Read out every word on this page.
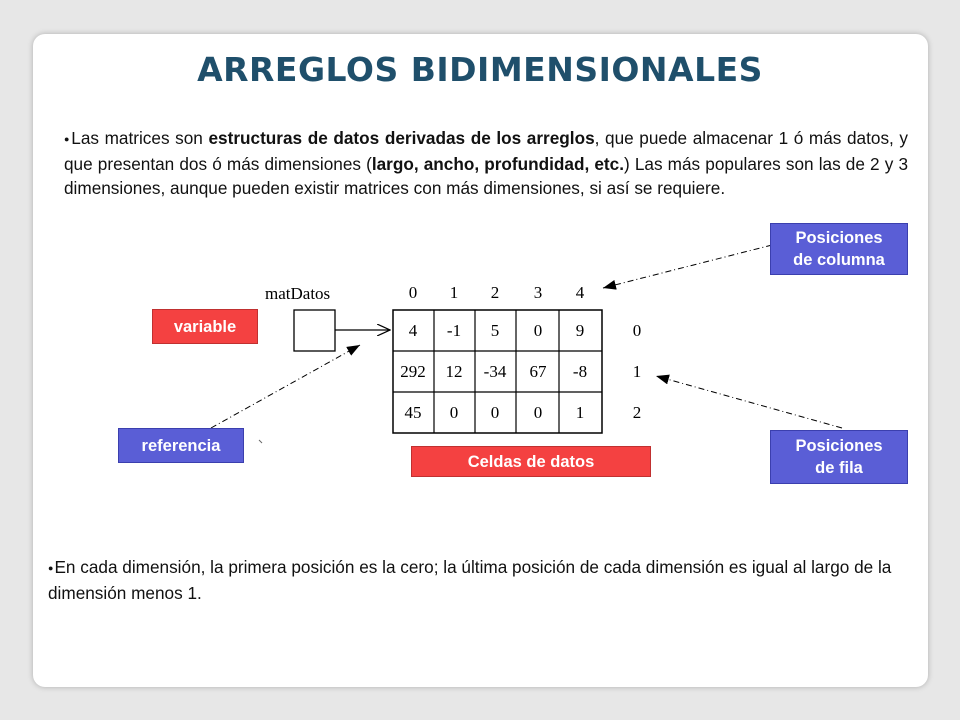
ARREGLOS BIDIMENSIONALES
●Las matrices son estructuras de datos derivadas de los arreglos, que puede almacenar 1 ó más datos, y que presentan dos ó más dimensiones (largo, ancho, profundidad, etc.) Las más populares son las de 2 y 3 dimensiones, aunque pueden existir matrices con más dimensiones, si así se requiere.
matDatos	0 1 2 3 4
4 -1 5 0 9
292 12 -34 67 -8
45 0 0 0 1
0
1
2
variable
referencia
Celdas de datos
Posiciones
de columna
Posiciones
de fila
●En cada dimensión, la primera posición es la cero; la última posición de cada dimensión es igual al largo de la dimensión menos 1.
